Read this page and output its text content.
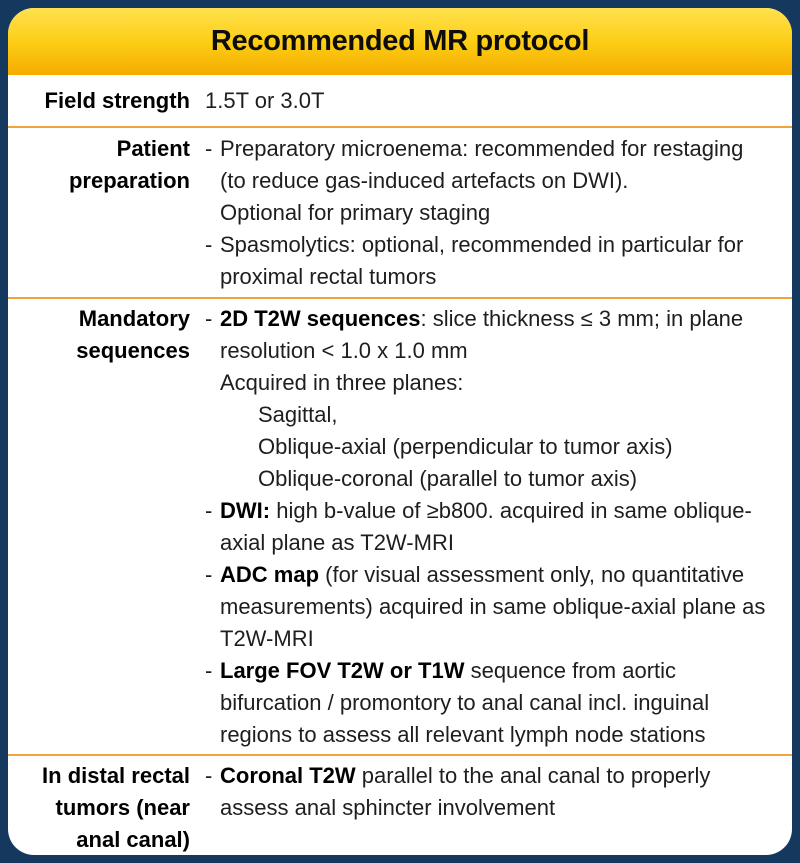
Recommended MR protocol
Field strength 1.5T or 3.0T
Patient
preparation
- Preparatory microenema: recommended for restaging
(to reduce gas-induced artefacts on DWI).
Optional for primary staging
- Spasmolytics: optional, recommended in particular for
proximal rectal tumors
Mandatory
sequences
- 2D T2W sequences: slice thickness ≤ 3 mm; in plane
resolution < 1.0 x 1.0 mm
Acquired in three planes:
Sagittal,
Oblique-axial (perpendicular to tumor axis)
Oblique-coronal (parallel to tumor axis)
- DWI: high b-value of ≥b800. acquired in same oblique-
axial plane as T2W-MRI
- ADC map (for visual assessment only, no quantitative
measurements) acquired in same oblique-axial plane as
T2W-MRI
- Large FOV T2W or T1W sequence from aortic
bifurcation / promontory to anal canal incl. inguinal
regions to assess all relevant lymph node stations
In distal rectal
tumors (near
anal canal)
- Coronal T2W parallel to the anal canal to properly
assess anal sphincter involvement
